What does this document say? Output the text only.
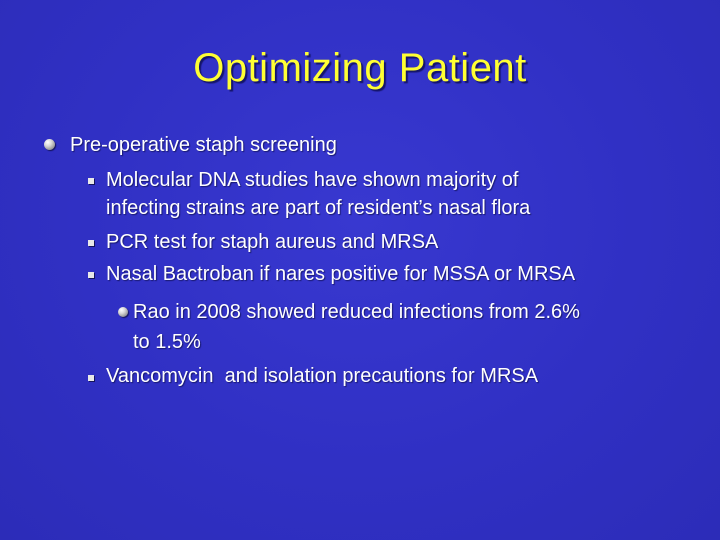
Optimizing Patient
Pre-operative staph screening
Molecular DNA studies have shown majority of
infecting strains are part of resident’s nasal flora
PCR test for staph aureus and MRSA
Nasal Bactroban if nares positive for MSSA or MRSA
Rao in 2008 showed reduced infections from 2.6%
to 1.5%
Vancomycin  and isolation precautions for MRSA
